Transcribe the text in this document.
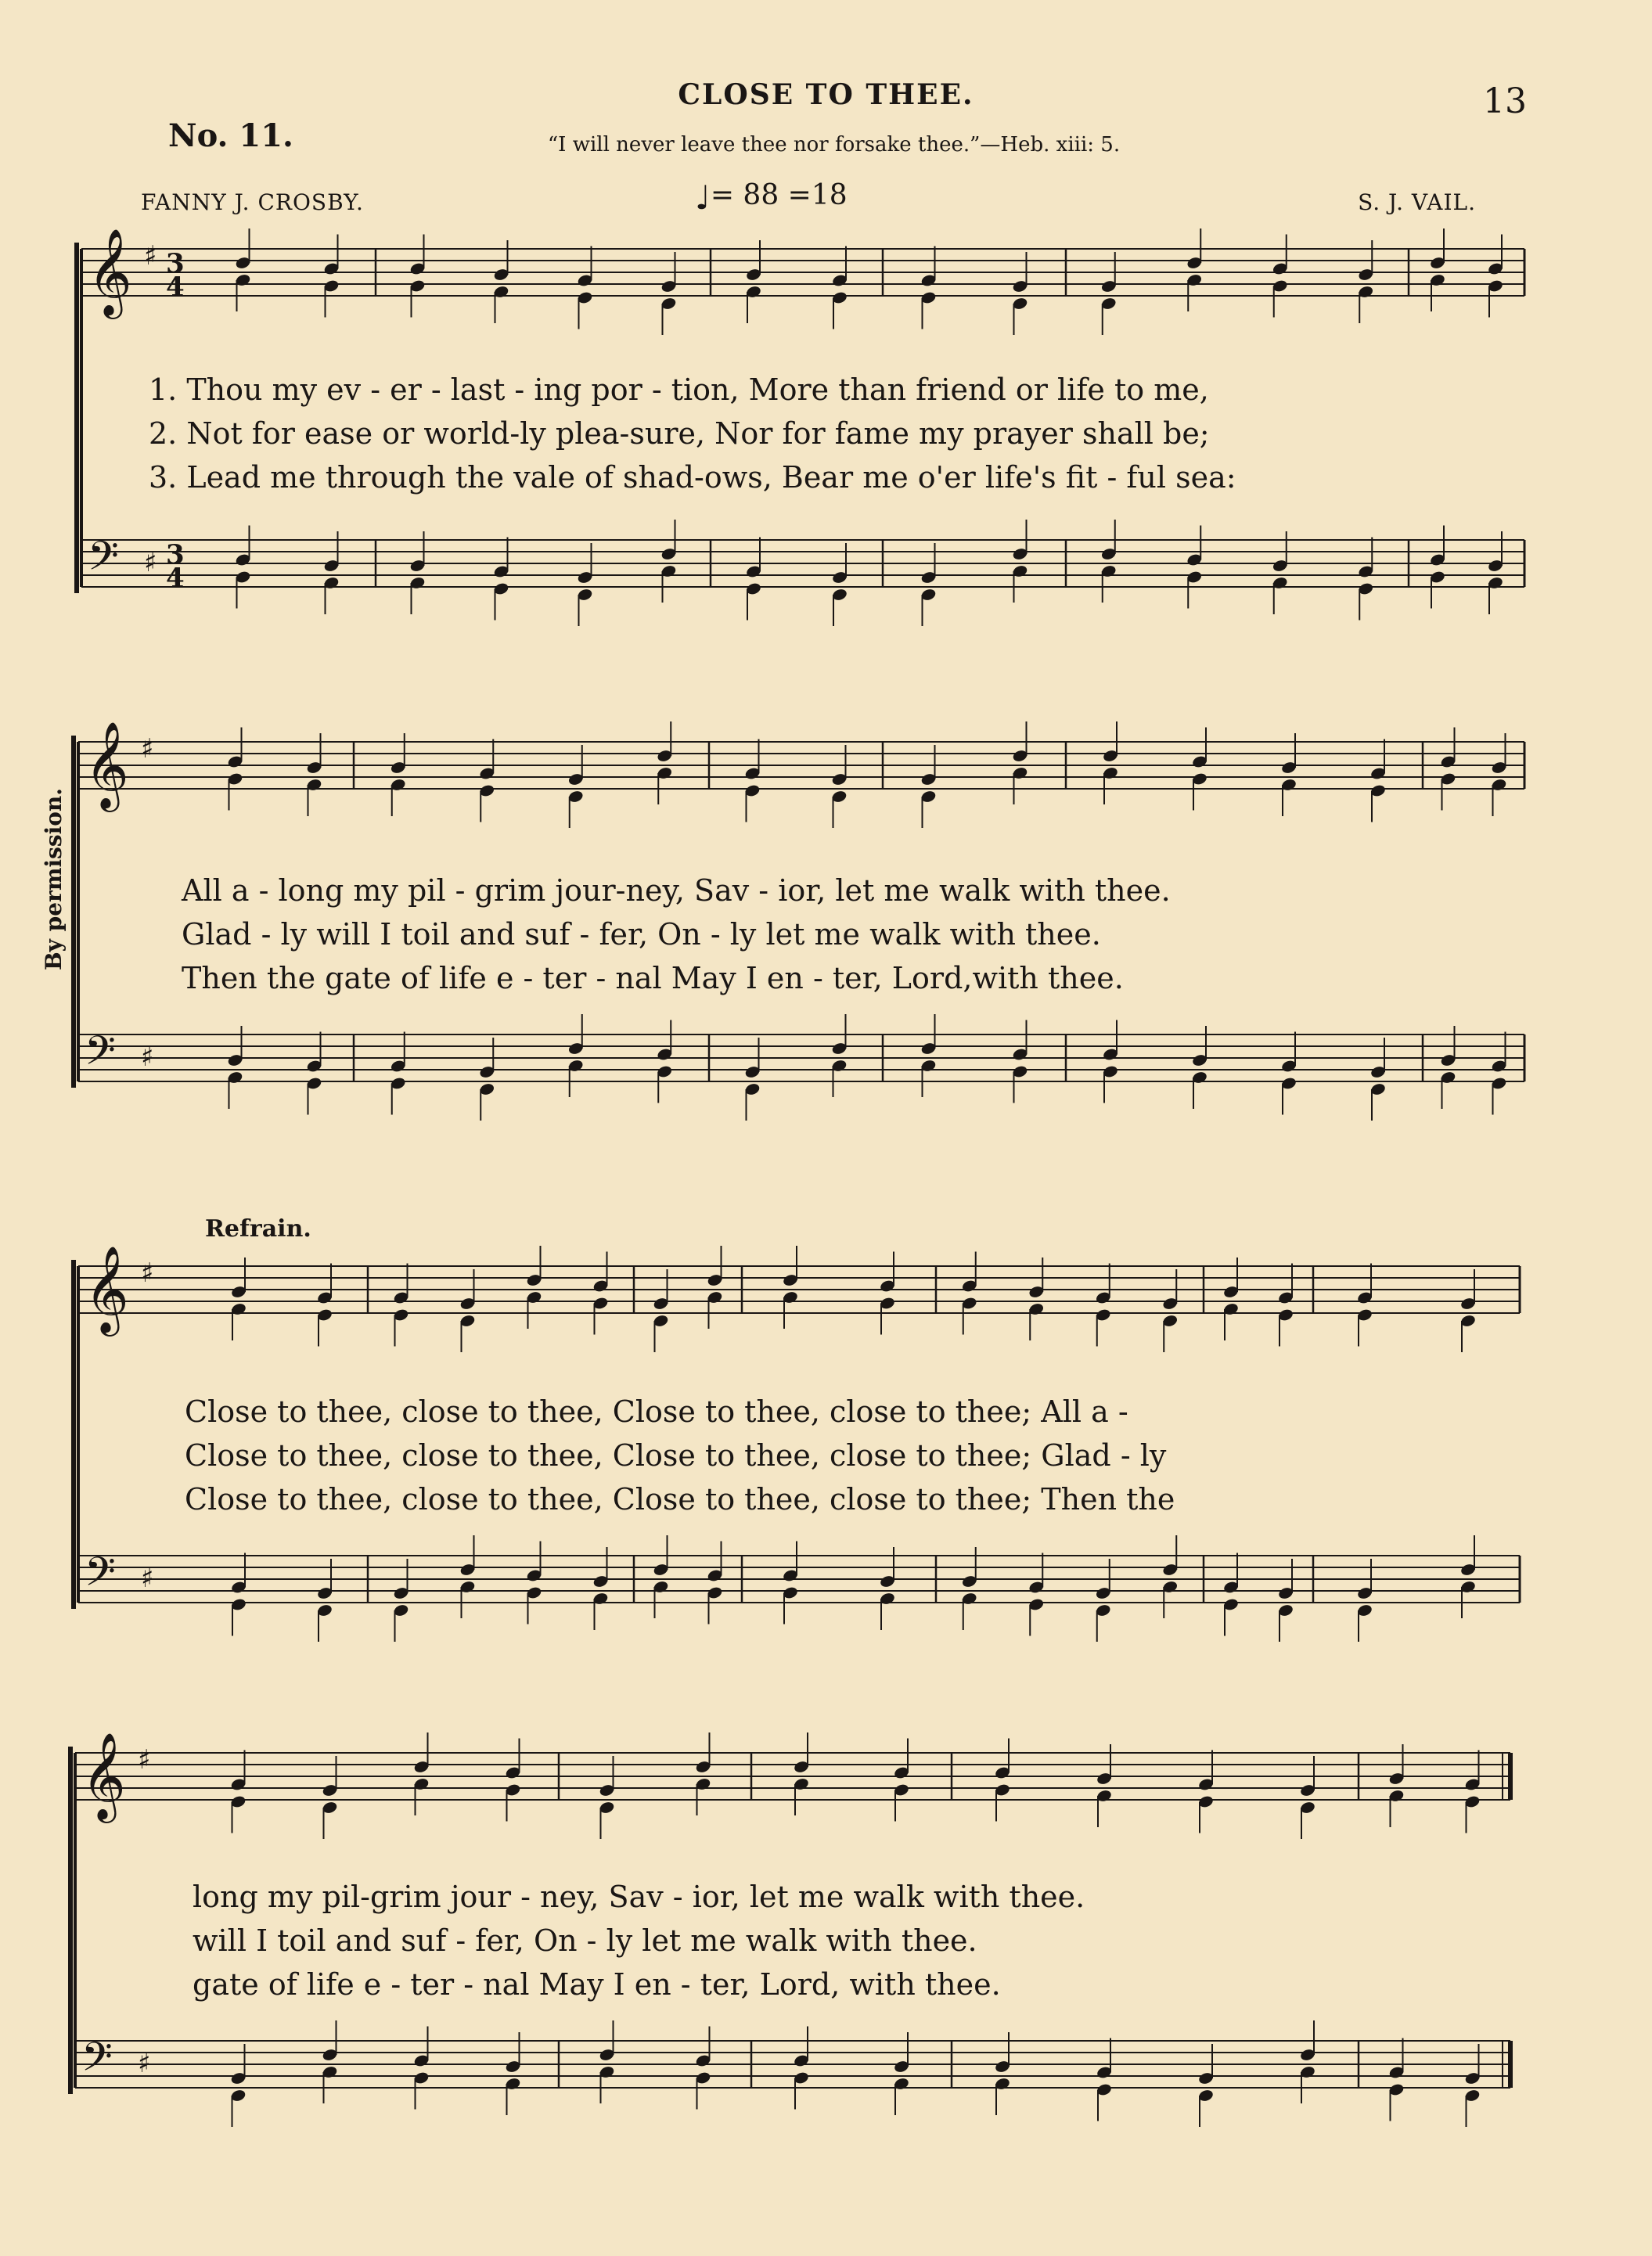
CLOSE TO THEE.	13
No. 11.	“I will never leave thee nor forsake thee.”—Heb. xiii: 5.
FANNY J. CROSBY.	♩= 88 =18	S. J. VAIL.
By permission.
Refrain.
𝄞 ♯ 3
4
𝄢 ♯ 3
4
𝄞 ♯
𝄢 ♯
𝄞 ♯
𝄢 ♯
𝄞 ♯
𝄢 ♯
1. Thou my ev - er - last - ing por - tion, More than friend or life to me,
2. Not for ease or world-ly plea-sure, Nor for fame my prayer shall be;
3. Lead me through the vale of shad-ows, Bear me o'er life's fit - ful sea:
All a - long my pil - grim jour-ney, Sav - ior, let me walk with thee.
Glad - ly will I toil and suf - fer, On - ly let me walk with thee.
Then the gate of life e - ter - nal May I en - ter, Lord,with thee.
Close to thee, close to thee, Close to thee, close to thee; All a -
Close to thee, close to thee, Close to thee, close to thee; Glad - ly
Close to thee, close to thee, Close to thee, close to thee; Then the
long my pil-grim jour - ney, Sav - ior, let me walk with thee.
will I toil and suf - fer, On - ly let me walk with thee.
gate of life e - ter - nal May I en - ter, Lord, with thee.
